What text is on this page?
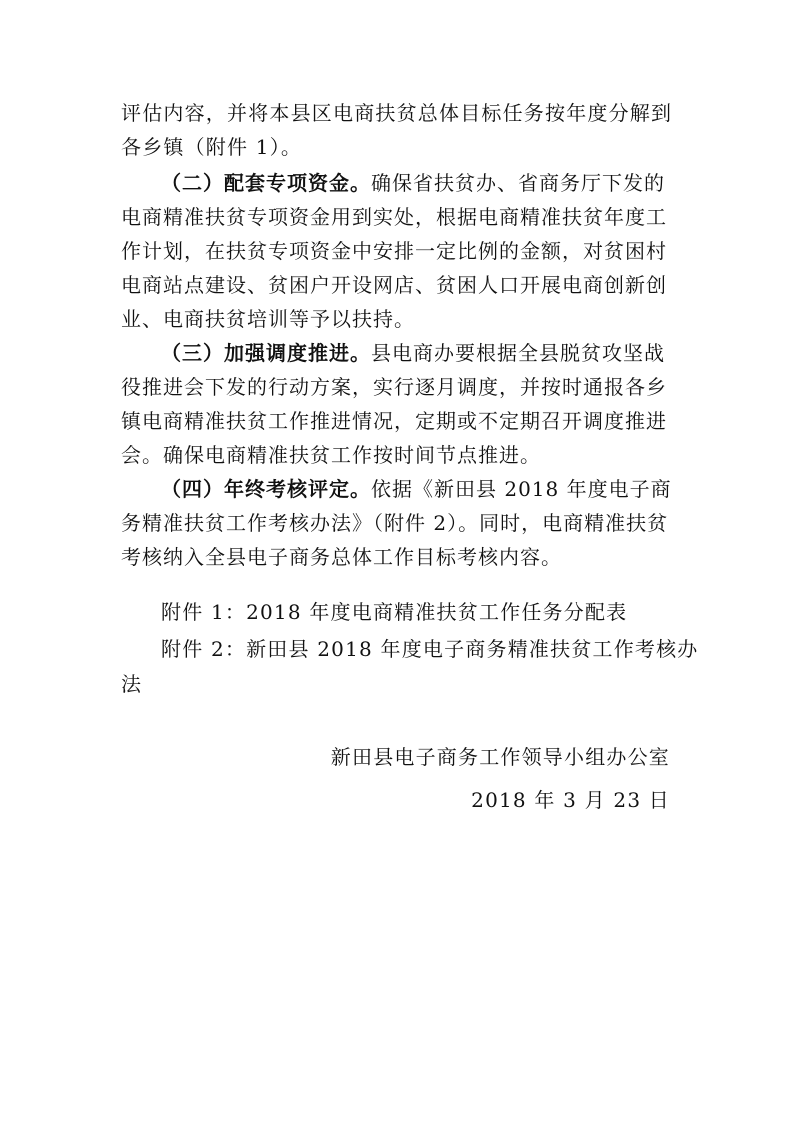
评估内容，并将本县区电商扶贫总体目标任务按年度分解到
各乡镇（附件 1）。
（二）配套专项资金。确保省扶贫办、省商务厅下发的电商精准扶贫专项资金用到实处，根据电商精准扶贫年度工作计划，在扶贫专项资金中安排一定比例的金额，对贫困村电商站点建设、贫困户开设网店、贫困人口开展电商创新创业、电商扶贫培训等予以扶持。
（三）加强调度推进。县电商办要根据全县脱贫攻坚战役推进会下发的行动方案，实行逐月调度，并按时通报各乡镇电商精准扶贫工作推进情况，定期或不定期召开调度推进会。确保电商精准扶贫工作按时间节点推进。
（四）年终考核评定。依据《新田县 2018 年度电子商务精准扶贫工作考核办法》（附件 2）。同时，电商精准扶贫考核纳入全县电子商务总体工作目标考核内容。
附件 1：2018 年度电商精准扶贫工作任务分配表
附件 2：新田县 2018 年度电子商务精准扶贫工作考核办
法
新田县电子商务工作领导小组办公室
2018 年 3 月 23 日
